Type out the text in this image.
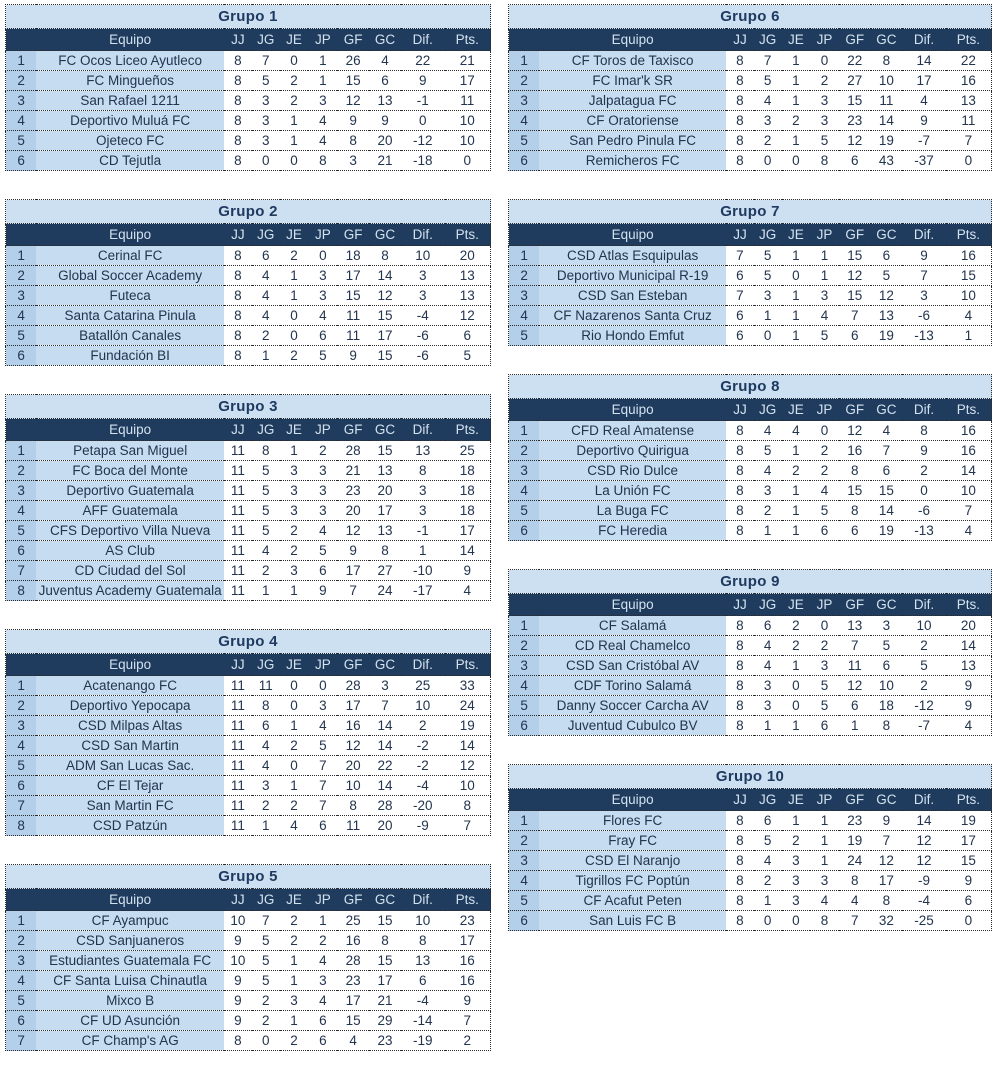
Grupo 1									
	Equipo	JJ	JG	JE	JP	GF	GC	Dif.	Pts.
1	FC Ocos Liceo Ayutleco	8	7	0	1	26	4	22	21
2	FC Mingueños	8	5	2	1	15	6	9	17
3	San Rafael 1211	8	3	2	3	12	13	-1	11
4	Deportivo Muluá FC	8	3	1	4	9	9	0	10
5	Ojeteco FC	8	3	1	4	8	20	-12	10
6	CD Tejutla	8	0	0	8	3	21	-18	0
Grupo 2									
	Equipo	JJ	JG	JE	JP	GF	GC	Dif.	Pts.
1	Cerinal FC	8	6	2	0	18	8	10	20
2	Global Soccer Academy	8	4	1	3	17	14	3	13
3	Futeca	8	4	1	3	15	12	3	13
4	Santa Catarina Pinula	8	4	0	4	11	15	-4	12
5	Batallón Canales	8	2	0	6	11	17	-6	6
6	Fundación BI	8	1	2	5	9	15	-6	5
Grupo 3									
	Equipo	JJ	JG	JE	JP	GF	GC	Dif.	Pts.
1	Petapa San Miguel	11	8	1	2	28	15	13	25
2	FC Boca del Monte	11	5	3	3	21	13	8	18
3	Deportivo Guatemala	11	5	3	3	23	20	3	18
4	AFF Guatemala	11	5	3	3	20	17	3	18
5	CFS Deportivo Villa Nueva	11	5	2	4	12	13	-1	17
6	AS Club	11	4	2	5	9	8	1	14
7	CD Ciudad del Sol	11	2	3	6	17	27	-10	9
8	Juventus Academy Guatemala	11	1	1	9	7	24	-17	4
Grupo 4									
	Equipo	JJ	JG	JE	JP	GF	GC	Dif.	Pts.
1	Acatenango FC	11	11	0	0	28	3	25	33
2	Deportivo Yepocapa	11	8	0	3	17	7	10	24
3	CSD Milpas Altas	11	6	1	4	16	14	2	19
4	CSD San Martin	11	4	2	5	12	14	-2	14
5	ADM San Lucas Sac.	11	4	0	7	20	22	-2	12
6	CF El Tejar	11	3	1	7	10	14	-4	10
7	San Martin FC	11	2	2	7	8	28	-20	8
8	CSD Patzún	11	1	4	6	11	20	-9	7
Grupo 5									
	Equipo	JJ	JG	JE	JP	GF	GC	Dif.	Pts.
1	CF Ayampuc	10	7	2	1	25	15	10	23
2	CSD Sanjuaneros	9	5	2	2	16	8	8	17
3	Estudiantes Guatemala FC	10	5	1	4	28	15	13	16
4	CF Santa Luisa Chinautla	9	5	1	3	23	17	6	16
5	Mixco B	9	2	3	4	17	21	-4	9
6	CF UD Asunción	9	2	1	6	15	29	-14	7
7	CF Champ's AG	8	0	2	6	4	23	-19	2
Grupo 6									
	Equipo	JJ	JG	JE	JP	GF	GC	Dif.	Pts.
1	CF Toros de Taxisco	8	7	1	0	22	8	14	22
2	FC Imar'k SR	8	5	1	2	27	10	17	16
3	Jalpatagua FC	8	4	1	3	15	11	4	13
4	CF Oratoriense	8	3	2	3	23	14	9	11
5	San Pedro Pinula FC	8	2	1	5	12	19	-7	7
6	Remicheros FC	8	0	0	8	6	43	-37	0
Grupo 7									
	Equipo	JJ	JG	JE	JP	GF	GC	Dif.	Pts.
1	CSD Atlas Esquipulas	7	5	1	1	15	6	9	16
2	Deportivo Municipal R-19	6	5	0	1	12	5	7	15
3	CSD San Esteban	7	3	1	3	15	12	3	10
4	CF Nazarenos Santa Cruz	6	1	1	4	7	13	-6	4
5	Rio Hondo Emfut	6	0	1	5	6	19	-13	1
Grupo 8									
	Equipo	JJ	JG	JE	JP	GF	GC	Dif.	Pts.
1	CFD Real Amatense	8	4	4	0	12	4	8	16
2	Deportivo Quirigua	8	5	1	2	16	7	9	16
3	CSD Rio Dulce	8	4	2	2	8	6	2	14
4	La Unión FC	8	3	1	4	15	15	0	10
5	La Buga FC	8	2	1	5	8	14	-6	7
6	FC Heredia	8	1	1	6	6	19	-13	4
Grupo 9									
	Equipo	JJ	JG	JE	JP	GF	GC	Dif.	Pts.
1	CF Salamá	8	6	2	0	13	3	10	20
2	CD Real Chamelco	8	4	2	2	7	5	2	14
3	CSD San Cristóbal AV	8	4	1	3	11	6	5	13
4	CDF Torino Salamá	8	3	0	5	12	10	2	9
5	Danny Soccer Carcha AV	8	3	0	5	6	18	-12	9
6	Juventud Cubulco BV	8	1	1	6	1	8	-7	4
Grupo 10									
	Equipo	JJ	JG	JE	JP	GF	GC	Dif.	Pts.
1	Flores FC	8	6	1	1	23	9	14	19
2	Fray FC	8	5	2	1	19	7	12	17
3	CSD El Naranjo	8	4	3	1	24	12	12	15
4	Tigrillos FC Poptún	8	2	3	3	8	17	-9	9
5	CF Acafut Peten	8	1	3	4	4	8	-4	6
6	San Luis FC B	8	0	0	8	7	32	-25	0
